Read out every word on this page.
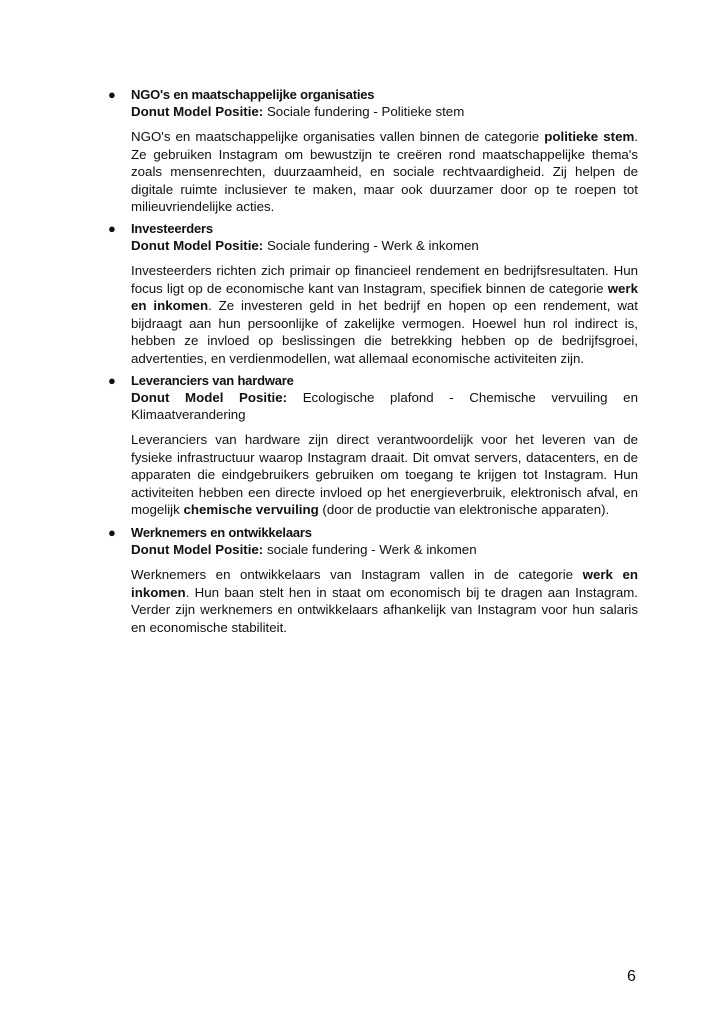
● NGO's en maatschappelijke organisaties
Donut Model Positie: Sociale fundering - Politieke stem
NGO's en maatschappelijke organisaties vallen binnen de categorie politieke stem. Ze gebruiken Instagram om bewustzijn te creëren rond maatschappelijke thema's zoals mensenrechten, duurzaamheid, en sociale rechtvaardigheid. Zij helpen de digitale ruimte inclusiever te maken, maar ook duurzamer door op te roepen tot milieuvriendelijke acties.
● Investeerders
Donut Model Positie: Sociale fundering - Werk & inkomen
Investeerders richten zich primair op financieel rendement en bedrijfsresultaten. Hun focus ligt op de economische kant van Instagram, specifiek binnen de categorie werk en inkomen. Ze investeren geld in het bedrijf en hopen op een rendement, wat bijdraagt aan hun persoonlijke of zakelijke vermogen. Hoewel hun rol indirect is, hebben ze invloed op beslissingen die betrekking hebben op de bedrijfsgroei, advertenties, en verdienmodellen, wat allemaal economische activiteiten zijn.
● Leveranciers van hardware
Donut Model Positie: Ecologische plafond - Chemische vervuiling en
Klimaatverandering
Leveranciers van hardware zijn direct verantwoordelijk voor het leveren van de fysieke infrastructuur waarop Instagram draait. Dit omvat servers, datacenters, en de apparaten die eindgebruikers gebruiken om toegang te krijgen tot Instagram. Hun activiteiten hebben een directe invloed op het energieverbruik, elektronisch afval, en mogelijk chemische vervuiling (door de productie van elektronische apparaten).
● Werknemers en ontwikkelaars
Donut Model Positie: sociale fundering - Werk & inkomen
Werknemers en ontwikkelaars van Instagram vallen in de categorie werk en inkomen. Hun baan stelt hen in staat om economisch bij te dragen aan Instagram. Verder zijn werknemers en ontwikkelaars afhankelijk van Instagram voor hun salaris en economische stabiliteit.
6
